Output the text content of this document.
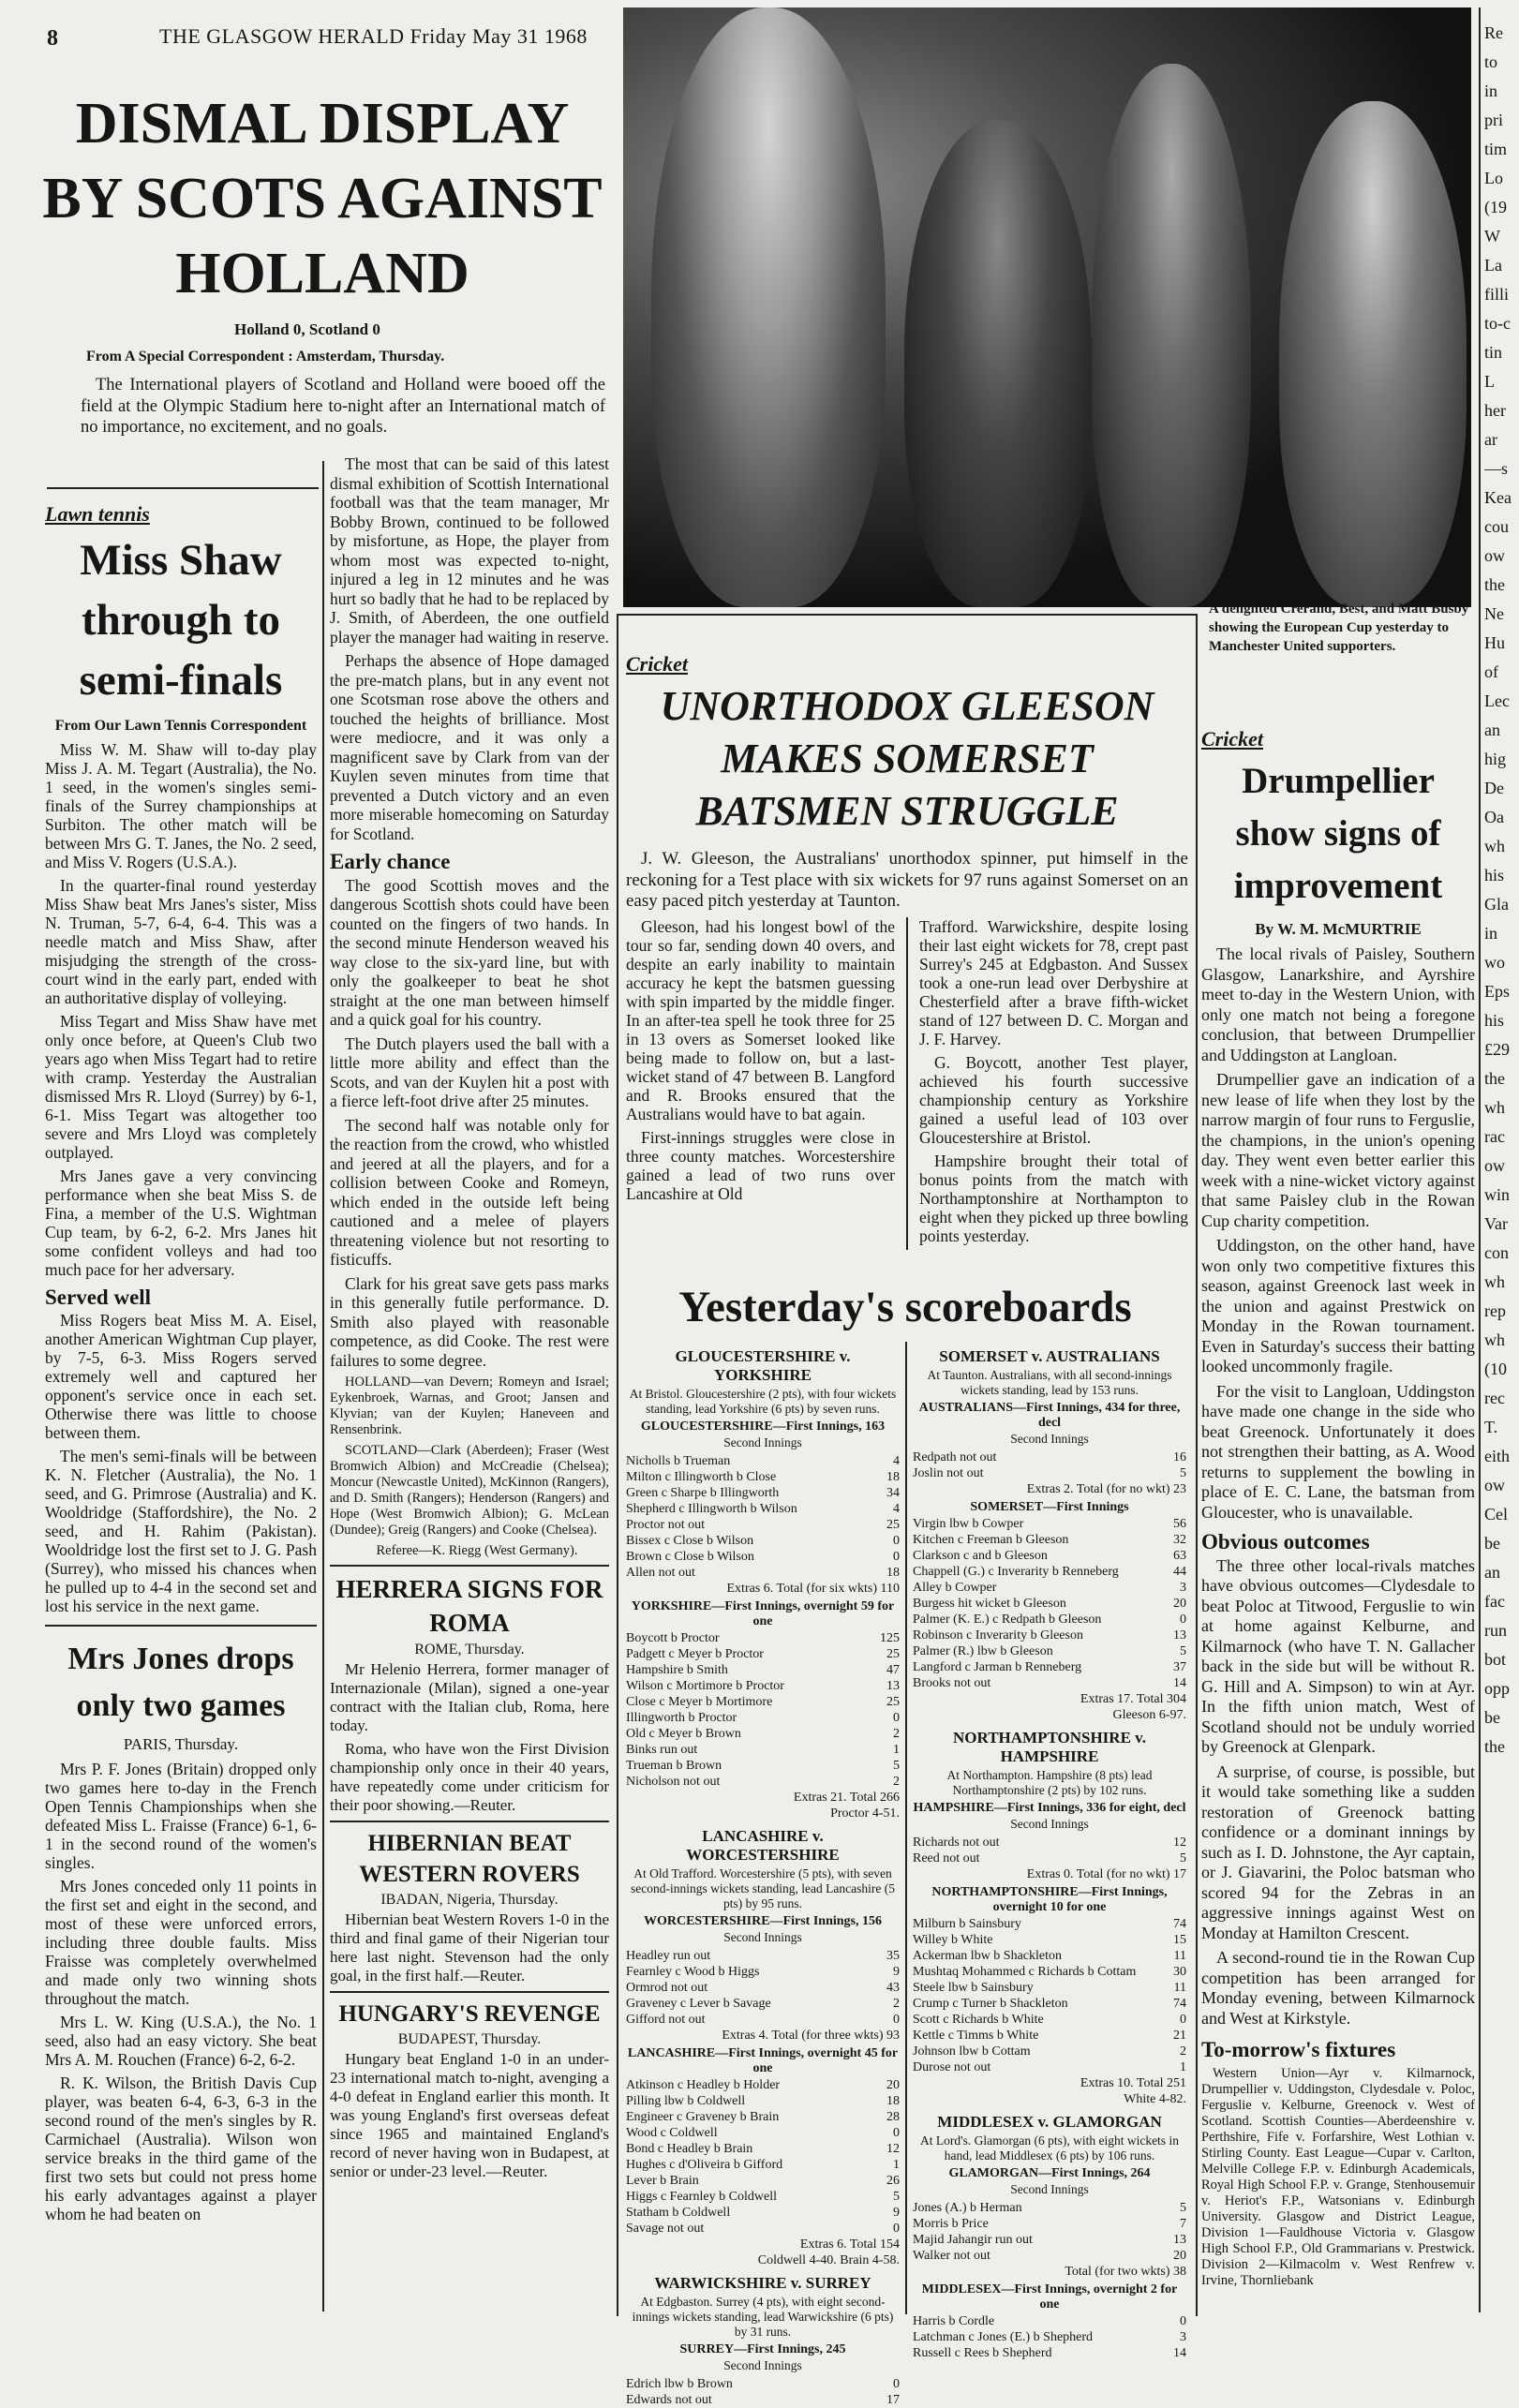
8	THE GLASGOW HERALD Friday May 31 1968
DISMAL DISPLAY BY SCOTS AGAINST HOLLAND
Holland 0, Scotland 0
From A Special Correspondent : Amsterdam, Thursday.

The International players of Scotland and Holland were booed off the field at the Olympic Stadium here to-night after an International match of no importance, no excitement, and no goals.

Lawn tennis
Miss Shaw through to semi-finals
From Our Lawn Tennis Correspondent

Miss W. M. Shaw will to-day play Miss J. A. M. Tegart (Australia), the No. 1 seed, in the women's singles semi-finals of the Surrey championships at Surbiton. The other match will be between Mrs G. T. Janes, the No. 2 seed, and Miss V. Rogers (U.S.A.).

In the quarter-final round yesterday Miss Shaw beat Mrs Janes's sister, Miss N. Truman, 5-7, 6-4, 6-4. This was a needle match and Miss Shaw, after misjudging the strength of the cross-court wind in the early part, ended with an authoritative display of volleying.

Miss Tegart and Miss Shaw have met only once before, at Queen's Club two years ago when Miss Tegart had to retire with cramp. Yesterday the Australian dismissed Mrs R. Lloyd (Surrey) by 6-1, 6-1. Miss Tegart was altogether too severe and Mrs Lloyd was completely outplayed.

Mrs Janes gave a very convincing performance when she beat Miss S. de Fina, a member of the U.S. Wightman Cup team, by 6-2, 6-2. Mrs Janes hit some confident volleys and had too much pace for her adversary.

Served well

Miss Rogers beat Miss M. A. Eisel, another American Wightman Cup player, by 7-5, 6-3. Miss Rogers served extremely well and captured her opponent's service once in each set. Otherwise there was little to choose between them.

The men's semi-finals will be between K. N. Fletcher (Australia), the No. 1 seed, and G. Primrose (Australia) and K. Wooldridge (Staffordshire), the No. 2 seed, and H. Rahim (Pakistan). Wooldridge lost the first set to J. G. Pash (Surrey), who missed his chances when he pulled up to 4-4 in the second set and lost his service in the next game.

Mrs Jones drops only two games
PARIS, Thursday.

Mrs P. F. Jones (Britain) dropped only two games here to-day in the French Open Tennis Championships when she defeated Miss L. Fraisse (France) 6-1, 6-1 in the second round of the women's singles.

Mrs Jones conceded only 11 points in the first set and eight in the second, and most of these were unforced errors, including three double faults. Miss Fraisse was completely overwhelmed and made only two winning shots throughout the match.

Mrs L. W. King (U.S.A.), the No. 1 seed, also had an easy victory. She beat Mrs A. M. Rouchen (France) 6-2, 6-2.

R. K. Wilson, the British Davis Cup player, was beaten 6-4, 6-3, 6-3 in the second round of the men's singles by R. Carmichael (Australia). Wilson won service breaks in the third game of the first two sets but could not press home his early advantages against a player whom he had beaten on

The most that can be said of this latest dismal exhibition of Scottish International football was that the team manager, Mr Bobby Brown, continued to be followed by misfortune, as Hope, the player from whom most was expected to-night, injured a leg in 12 minutes and he was hurt so badly that he had to be replaced by J. Smith, of Aberdeen, the one outfield player the manager had waiting in reserve.

Perhaps the absence of Hope damaged the pre-match plans, but in any event not one Scotsman rose above the others and touched the heights of brilliance. Most were mediocre, and it was only a magnificent save by Clark from van der Kuylen seven minutes from time that prevented a Dutch victory and an even more miserable homecoming on Saturday for Scotland.

Early chance

The good Scottish moves and the dangerous Scottish shots could have been counted on the fingers of two hands. In the second minute Henderson weaved his way close to the six-yard line, but with only the goalkeeper to beat he shot straight at the one man between himself and a quick goal for his country.

The Dutch players used the ball with a little more ability and effect than the Scots, and van der Kuylen hit a post with a fierce left-foot drive after 25 minutes.

The second half was notable only for the reaction from the crowd, who whistled and jeered at all the players, and for a collision between Cooke and Romeyn, which ended in the outside left being cautioned and a melee of players threatening violence but not resorting to fisticuffs.

Clark for his great save gets pass marks in this generally futile performance. D. Smith also played with reasonable competence, as did Cooke. The rest were failures to some degree.

HOLLAND—van Devern; Romeyn and Israel; Eykenbroek, Warnas, and Groot; Jansen and Klyvian; van der Kuylen; Haneveen and Rensenbrink.

SCOTLAND—Clark (Aberdeen); Fraser (West Bromwich Albion) and McCreadie (Chelsea); Moncur (Newcastle United), McKinnon (Rangers), and D. Smith (Rangers); Henderson (Rangers) and Hope (West Bromwich Albion); G. McLean (Dundee); Greig (Rangers) and Cooke (Chelsea).

Referee—K. Riegg (West Germany).

HERRERA SIGNS FOR ROMA
ROME, Thursday.

Mr Helenio Herrera, former manager of Internazionale (Milan), signed a one-year contract with the Italian club, Roma, here today.

Roma, who have won the First Division championship only once in their 40 years, have repeatedly come under criticism for their poor showing.—Reuter.

HIBERNIAN BEAT WESTERN ROVERS
IBADAN, Nigeria, Thursday.

Hibernian beat Western Rovers 1-0 in the third and final game of their Nigerian tour here last night. Stevenson had the only goal, in the first half.—Reuter.

HUNGARY'S REVENGE
BUDAPEST, Thursday.

Hungary beat England 1-0 in an under-23 international match to-night, avenging a 4-0 defeat in England earlier this month. It was young England's first overseas defeat since 1965 and maintained England's record of never having won in Budapest, at senior or under-23 level.—Reuter.

A delighted Crerand, Best, and Matt Busby showing the European Cup yesterday to Manchester United supporters.
Cricket
UNORTHODOX GLEESON MAKES SOMERSET BATSMEN STRUGGLE

J. W. Gleeson, the Australians' unorthodox spinner, put himself in the reckoning for a Test place with six wickets for 97 runs against Somerset on an easy paced pitch yesterday at Taunton.

Gleeson, had his longest bowl of the tour so far, sending down 40 overs, and despite an early inability to maintain accuracy he kept the batsmen guessing with spin imparted by the middle finger. In an after-tea spell he took three for 25 in 13 overs as Somerset looked like being made to follow on, but a last-wicket stand of 47 between B. Langford and R. Brooks ensured that the Australians would have to bat again.

First-innings struggles were close in three county matches. Worcestershire gained a lead of two runs over Lancashire at Old

Trafford. Warwickshire, despite losing their last eight wickets for 78, crept past Surrey's 245 at Edgbaston. And Sussex took a one-run lead over Derbyshire at Chesterfield after a brave fifth-wicket stand of 127 between D. C. Morgan and J. F. Harvey.

G. Boycott, another Test player, achieved his fourth successive championship century as Yorkshire gained a useful lead of 103 over Gloucestershire at Bristol.

Hampshire brought their total of bonus points from the match with Northamptonshire at Northampton to eight when they picked up three bowling points yesterday.

Yesterday's scoreboards
GLOUCESTERSHIRE v. YORKSHIRE
At Bristol. Gloucestershire (2 pts), with four wickets standing, lead Yorkshire (6 pts) by seven runs.
GLOUCESTERSHIRE—First Innings, 163
Second Innings
Nicholls b Trueman	4
Milton c Illingworth b Close	18
Green c Sharpe b Illingworth	34
Shepherd c Illingworth b Wilson	4
Proctor not out	25
Bissex c Close b Wilson	0
Brown c Close b Wilson	0
Allen not out	18
Extras 6. Total (for six wkts) 110
YORKSHIRE—First Innings, overnight 59 for one
Boycott b Proctor	125
Padgett c Meyer b Proctor	25
Hampshire b Smith	47
Wilson c Mortimore b Proctor	13
Close c Meyer b Mortimore	25
Illingworth b Proctor	0
Old c Meyer b Brown	2
Binks run out	1
Trueman b Brown	5
Nicholson not out	2
Extras 21. Total 266
Proctor 4-51.
LANCASHIRE v. WORCESTERSHIRE
At Old Trafford. Worcestershire (5 pts), with seven second-innings wickets standing, lead Lancashire (5 pts) by 95 runs.
WORCESTERSHIRE—First Innings, 156
Second Innings
Headley run out	35
Fearnley c Wood b Higgs	9
Ormrod not out	43
Graveney c Lever b Savage	2
Gifford not out	0
Extras 4. Total (for three wkts) 93
LANCASHIRE—First Innings, overnight 45 for one
Atkinson c Headley b Holder	20
Pilling lbw b Coldwell	18
Engineer c Graveney b Brain	28
Wood c Coldwell	0
Bond c Headley b Brain	12
Hughes c d'Oliveira b Gifford	1
Lever b Brain	26
Higgs c Fearnley b Coldwell	5
Statham b Coldwell	9
Savage not out	0
Extras 6. Total 154
Coldwell 4-40. Brain 4-58.
WARWICKSHIRE v. SURREY
At Edgbaston. Surrey (4 pts), with eight second-innings wickets standing, lead Warwickshire (6 pts) by 31 runs.
SURREY—First Innings, 245
Second Innings
Edrich lbw b Brown	0
Edwards not out	17
SOMERSET v. AUSTRALIANS
At Taunton. Australians, with all second-innings wickets standing, lead by 153 runs.
AUSTRALIANS—First Innings, 434 for three, decl
Second Innings
Redpath not out	16
Joslin not out	5
Extras 2. Total (for no wkt) 23
SOMERSET—First Innings
Virgin lbw b Cowper	56
Kitchen c Freeman b Gleeson	32
Clarkson c and b Gleeson	63
Chappell (G.) c Inverarity b Renneberg	44
Alley b Cowper	3
Burgess hit wicket b Gleeson	20
Palmer (K. E.) c Redpath b Gleeson	0
Robinson c Inverarity b Gleeson	13
Palmer (R.) lbw b Gleeson	5
Langford c Jarman b Renneberg	37
Brooks not out	14
Extras 17. Total 304
Gleeson 6-97.
NORTHAMPTONSHIRE v. HAMPSHIRE
At Northampton. Hampshire (8 pts) lead Northamptonshire (2 pts) by 102 runs.
HAMPSHIRE—First Innings, 336 for eight, decl
Second Innings
Richards not out	12
Reed not out	5
Extras 0. Total (for no wkt) 17
NORTHAMPTONSHIRE—First Innings, overnight 10 for one
Milburn b Sainsbury	74
Willey b White	15
Ackerman lbw b Shackleton	11
Mushtaq Mohammed c Richards b Cottam	30
Steele lbw b Sainsbury	11
Crump c Turner b Shackleton	74
Scott c Richards b White	0
Kettle c Timms b White	21
Johnson lbw b Cottam	2
Durose not out	1
Extras 10. Total 251
White 4-82.
MIDDLESEX v. GLAMORGAN
At Lord's. Glamorgan (6 pts), with eight wickets in hand, lead Middlesex (6 pts) by 106 runs.
GLAMORGAN—First Innings, 264
Second Innings
Jones (A.) b Herman	5
Morris b Price	7
Majid Jahangir run out	13
Walker not out	20
Total (for two wkts) 38
MIDDLESEX—First Innings, overnight 2 for one
Harris b Cordle	0
Latchman c Jones (E.) b Shepherd	3
Russell c Rees b Shepherd	14
Cricket
Drumpellier show signs of improvement
By W. M. McMURTRIE

The local rivals of Paisley, Southern Glasgow, Lanarkshire, and Ayrshire meet to-day in the Western Union, with only one match not being a foregone conclusion, that between Drumpellier and Uddingston at Langloan.

Drumpellier gave an indication of a new lease of life when they lost by the narrow margin of four runs to Ferguslie, the champions, in the union's opening day. They went even better earlier this week with a nine-wicket victory against that same Paisley club in the Rowan Cup charity competition.

Uddingston, on the other hand, have won only two competitive fixtures this season, against Greenock last week in the union and against Prestwick on Monday in the Rowan tournament. Even in Saturday's success their batting looked uncommonly fragile.

For the visit to Langloan, Uddingston have made one change in the side who beat Greenock. Unfortunately it does not strengthen their batting, as A. Wood returns to supplement the bowling in place of E. C. Lane, the batsman from Gloucester, who is unavailable.

Obvious outcomes

The three other local-rivals matches have obvious outcomes—Clydesdale to beat Poloc at Titwood, Ferguslie to win at home against Kelburne, and Kilmarnock (who have T. N. Gallacher back in the side but will be without R. G. Hill and A. Simpson) to win at Ayr. In the fifth union match, West of Scotland should not be unduly worried by Greenock at Glenpark.

A surprise, of course, is possible, but it would take something like a sudden restoration of Greenock batting confidence or a dominant innings by such as I. D. Johnstone, the Ayr captain, or J. Giavarini, the Poloc batsman who scored 94 for the Zebras in an aggressive innings against West on Monday at Hamilton Crescent.

A second-round tie in the Rowan Cup competition has been arranged for Monday evening, between Kilmarnock and West at Kirkstyle.

To-morrow's fixtures
Western Union—Ayr v. Kilmarnock, Drumpellier v. Uddingston, Clydesdale v. Poloc, Ferguslie v. Kelburne, Greenock v. West of Scotland. Scottish Counties—Aberdeenshire v. Perthshire, Fife v. Forfarshire, West Lothian v. Stirling County. East League—Cupar v. Carlton, Melville College F.P. v. Edinburgh Academicals, Royal High School F.P. v. Grange, Stenhousemuir v. Heriot's F.P., Watsonians v. Edinburgh University. Glasgow and District League, Division 1—Fauldhouse Victoria v. Glasgow High School F.P., Old Grammarians v. Prestwick. Division 2—Kilmacolm v. West Renfrew v. Irvine, Thornliebank
Re
to
in
pri
tim
Lo
(19
W
La
filli
to-c
tin
L
her
ar
—s
Kea
cou
ow
the
Ne
Hu
of
Lec
an
hig
De
Oa
wh
his
Gla
in
wo
Eps
his
£29
the
wh
rac
ow
win
Var
con
wh
rep
wh
(10
rec
T.
eith
ow
Cel
be
an
fac
run
bot
opp
be
the
